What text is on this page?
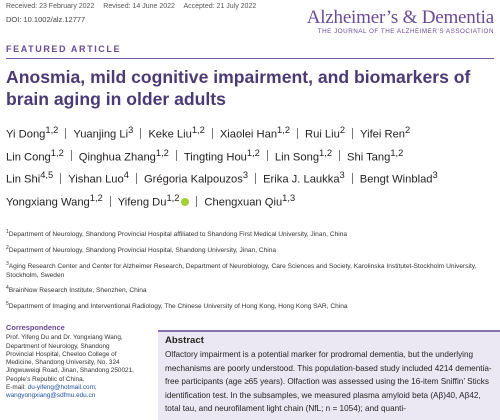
Received: 23 February 2022 Revised: 14 June 2022 Accepted: 21 July 2022
DOI: 10.1002/alz.12777	Alzheimer’s & Dementia
THE JOURNAL OF THE ALZHEIMER’S ASSOCIATION
FEATURED ARTICLE
Anosmia, mild cognitive impairment, and biomarkers of brain aging in older adults
Yi Dong$^{1,2}$ Yuanjing Li$^3$ Keke Liu$^{1,2}$ Xiaolei Han$^{1,2}$ Rui Liu$^2$ Yifei Ren$^2$
Lin Cong$^{1,2}$ Qinghua Zhang$^{1,2}$ Tingting Hou$^{1,2}$ Lin Song$^{1,2}$ Shi Tang$^{1,2}$
Lin Shi$^{4,5}$ Yishan Luo$^4$ Grégoria Kalpouzos$^3$ Erika J. Laukka$^3$ Bengt Winblad$^3$
Yongxiang Wang$^{1,2}$ Yifeng Du$^{1,2}$ Chengxuan Qiu$^{1,3}$
$^1$Department of Neurology, Shandong Provincial Hospital affiliated to Shandong First Medical University, Jinan, China
$^2$Department of Neurology, Shandong Provincial Hospital, Shandong University, Jinan, China
$^3$Aging Research Center and Center for Alzheimer Research, Department of Neurobiology, Care Sciences and Society, Karolinska Institutet-Stockholm University, Stockholm, Sweden
$^4$BrainNow Research Institute, Shenzhen, China
$^5$Department of Imaging and Interventional Radiology, The Chinese University of Hong Kong, Hong Kong SAR, China
Correspondence
Prof. Yifeng Du and Dr. Yongxiang Wang,
Department of Neurology, Shandong
Provincial Hospital, Cheeloo College of
Medicine, Shandong University, No. 324
Jingwuweiqi Road, Jinan, Shandong 250021,
People’s Republic of China.
E-mail: du-yifeng@hotmail.com;
wangyongxiang@sdfmu.edu.cn
Abstract
Olfactory impairment is a potential marker for prodromal dementia, but the underlying mechanisms are poorly understood. This population-based study included 4214 dementia-free participants (age ≥65 years). Olfaction was assessed using the 16-item Sniffin’ Sticks identification test. In the subsamples, we measured plasma amyloid beta (Aβ)40, Aβ42, total tau, and neurofilament light chain (NfL; n = 1054); and quanti-
